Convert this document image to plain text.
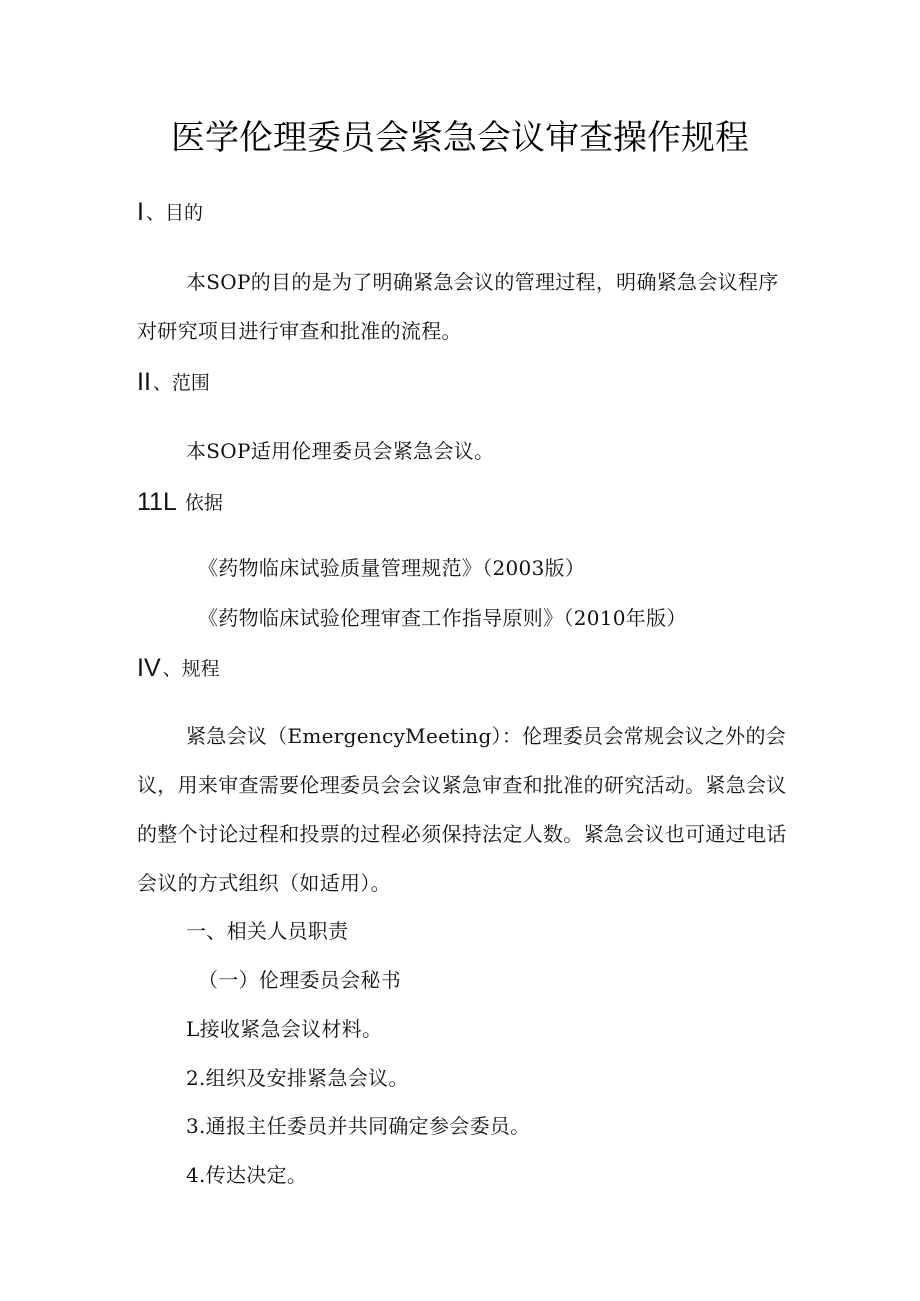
医学伦理委员会紧急会议审查操作规程
I 、目的
本SOP的目的是为了明确紧急会议的管理过程，明确紧急会议程序
对研究项目进行审查和批准的流程。
II 、范围
本SOP适用伦理委员会紧急会议。
11L 依据
《药物临床试验质量管理规范》（2003版）
《药物临床试验伦理审查工作指导原则》（2010年版）
IV 、规程
紧急会议（EmergencyMeeting）：伦理委员会常规会议之外的会
议，用来审查需要伦理委员会会议紧急审查和批准的研究活动。紧急会议
的整个讨论过程和投票的过程必须保持法定人数。紧急会议也可通过电话
会议的方式组织（如适用）。
一、相关人员职责
（一）伦理委员会秘书
L接收紧急会议材料。
2.组织及安排紧急会议。
3.通报主任委员并共同确定参会委员。
4.传达决定。
